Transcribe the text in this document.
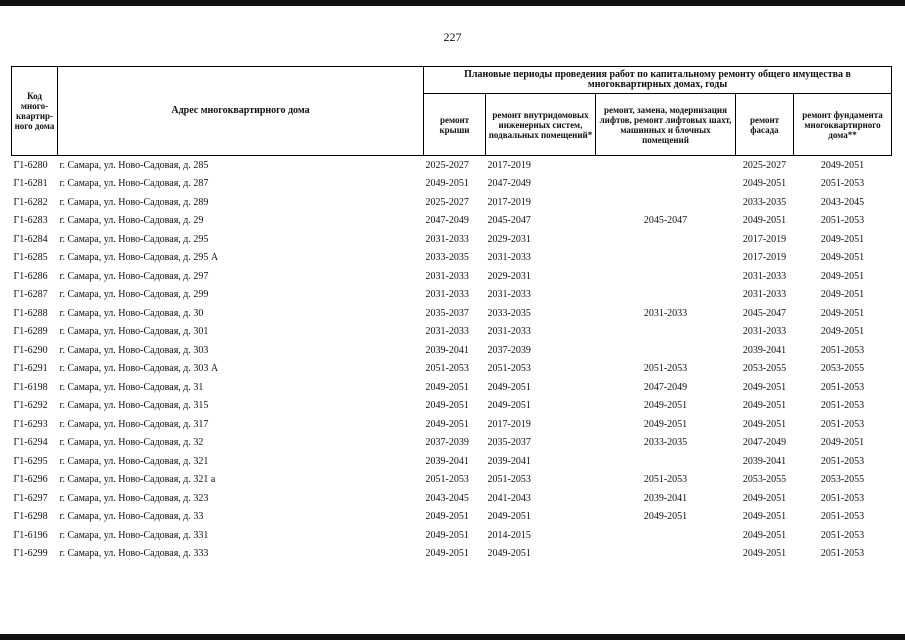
227
Код много-квартир-ного дома	Адрес многоквартирного дома	Плановые периоды проведения работ по капитальному ремонту общего имущества в многоквартирных домах, годы				
		ремонт крыши	ремонт внутридомовых инженерных систем, подвальных помещений*	ремонт, замена, модернизация лифтов, ремонт лифтовых шахт, машинных и блочных помещений	ремонт фасада	ремонт фундамента многоквартирного дома**
Г1-6280	г. Самара, ул. Ново-Садовая, д. 285	2025-2027	2017-2019		2025-2027	2049-2051
Г1-6281	г. Самара, ул. Ново-Садовая, д. 287	2049-2051	2047-2049		2049-2051	2051-2053
Г1-6282	г. Самара, ул. Ново-Садовая, д. 289	2025-2027	2017-2019		2033-2035	2043-2045
Г1-6283	г. Самара, ул. Ново-Садовая, д. 29	2047-2049	2045-2047	2045-2047	2049-2051	2051-2053
Г1-6284	г. Самара, ул. Ново-Садовая, д. 295	2031-2033	2029-2031		2017-2019	2049-2051
Г1-6285	г. Самара, ул. Ново-Садовая, д. 295 А	2033-2035	2031-2033		2017-2019	2049-2051
Г1-6286	г. Самара, ул. Ново-Садовая, д. 297	2031-2033	2029-2031		2031-2033	2049-2051
Г1-6287	г. Самара, ул. Ново-Садовая, д. 299	2031-2033	2031-2033		2031-2033	2049-2051
Г1-6288	г. Самара, ул. Ново-Садовая, д. 30	2035-2037	2033-2035	2031-2033	2045-2047	2049-2051
Г1-6289	г. Самара, ул. Ново-Садовая, д. 301	2031-2033	2031-2033		2031-2033	2049-2051
Г1-6290	г. Самара, ул. Ново-Садовая, д. 303	2039-2041	2037-2039		2039-2041	2051-2053
Г1-6291	г. Самара, ул. Ново-Садовая, д. 303 А	2051-2053	2051-2053	2051-2053	2053-2055	2053-2055
Г1-6198	г. Самара, ул. Ново-Садовая, д. 31	2049-2051	2049-2051	2047-2049	2049-2051	2051-2053
Г1-6292	г. Самара, ул. Ново-Садовая, д. 315	2049-2051	2049-2051	2049-2051	2049-2051	2051-2053
Г1-6293	г. Самара, ул. Ново-Садовая, д. 317	2049-2051	2017-2019	2049-2051	2049-2051	2051-2053
Г1-6294	г. Самара, ул. Ново-Садовая, д. 32	2037-2039	2035-2037	2033-2035	2047-2049	2049-2051
Г1-6295	г. Самара, ул. Ново-Садовая, д. 321	2039-2041	2039-2041		2039-2041	2051-2053
Г1-6296	г. Самара, ул. Ново-Садовая, д. 321 а	2051-2053	2051-2053	2051-2053	2053-2055	2053-2055
Г1-6297	г. Самара, ул. Ново-Садовая, д. 323	2043-2045	2041-2043	2039-2041	2049-2051	2051-2053
Г1-6298	г. Самара, ул. Ново-Садовая, д. 33	2049-2051	2049-2051	2049-2051	2049-2051	2051-2053
Г1-6196	г. Самара, ул. Ново-Садовая, д. 331	2049-2051	2014-2015		2049-2051	2051-2053
Г1-6299	г. Самара, ул. Ново-Садовая, д. 333	2049-2051	2049-2051		2049-2051	2051-2053
